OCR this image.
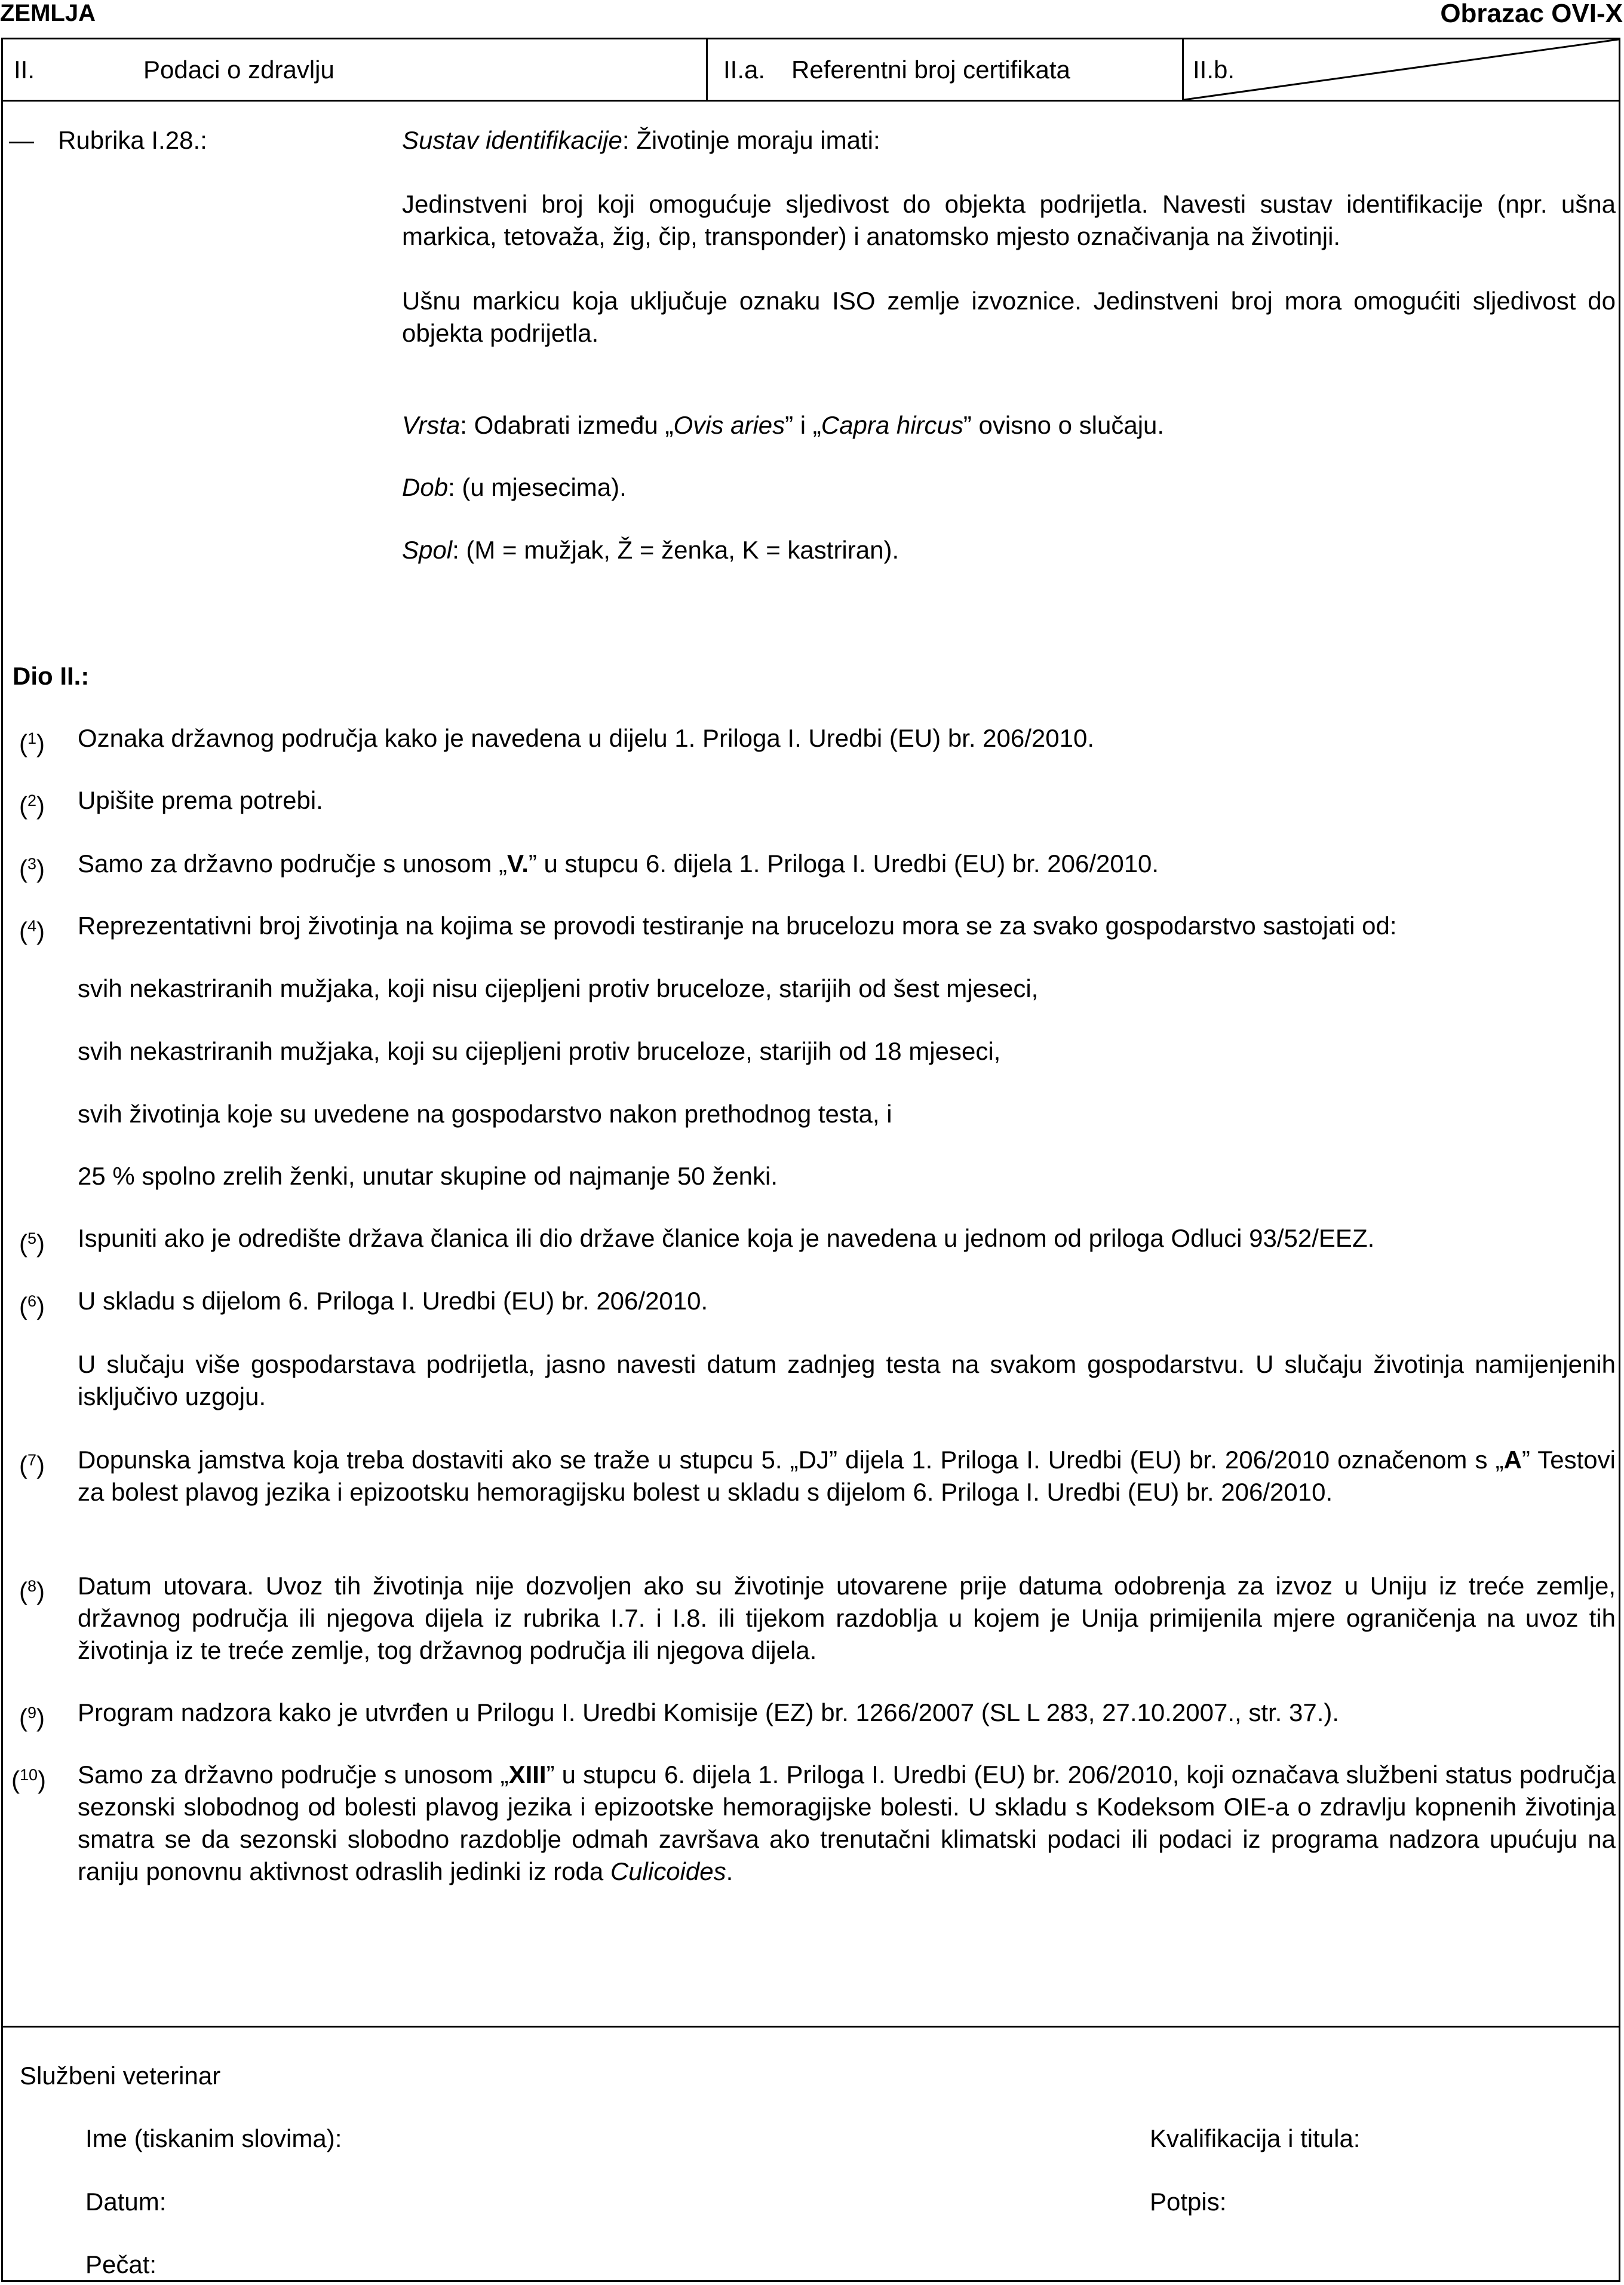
ZEMLJA	Obrazac OVI-X
II.	Podaci o zdravlju	II.a. Referentni broj certifikata	II.b.
— Rubrika I.28.:	Sustav identifikacije: Životinje moraju imati:
Jedinstveni broj koji omogućuje sljedivost do objekta podrijetla. Navesti sustav identifikacije (npr. ušna markica, tetovaža, žig, čip, transponder) i anatomsko mjesto označivanja na životinji.
Ušnu markicu koja uključuje oznaku ISO zemlje izvoznice. Jedinstveni broj mora omogućiti sljedivost do objekta podrijetla.
Vrsta: Odabrati između „Ovis aries” i „Capra hircus” ovisno o slučaju.
Dob: (u mjesecima).
Spol: (M = mužjak, Ž = ženka, K = kastriran).
Dio II.:
($^1$) Oznaka državnog područja kako je navedena u dijelu 1. Priloga I. Uredbi (EU) br. 206/2010.
($^2$) Upišite prema potrebi.
($^3$) Samo za državno područje s unosom „V.” u stupcu 6. dijela 1. Priloga I. Uredbi (EU) br. 206/2010.
($^4$) Reprezentativni broj životinja na kojima se provodi testiranje na brucelozu mora se za svako gospodarstvo sastojati od:
svih nekastriranih mužjaka, koji nisu cijepljeni protiv bruceloze, starijih od šest mjeseci,
svih nekastriranih mužjaka, koji su cijepljeni protiv bruceloze, starijih od 18 mjeseci,
svih životinja koje su uvedene na gospodarstvo nakon prethodnog testa, i
25 % spolno zrelih ženki, unutar skupine od najmanje 50 ženki.
($^5$) Ispuniti ako je odredište država članica ili dio države članice koja je navedena u jednom od priloga Odluci 93/52/EEZ.
($^6$) U skladu s dijelom 6. Priloga I. Uredbi (EU) br. 206/2010.
U slučaju više gospodarstava podrijetla, jasno navesti datum zadnjeg testa na svakom gospodarstvu. U slučaju životinja namijenjenih isključivo uzgoju.
($^7$) Dopunska jamstva koja treba dostaviti ako se traže u stupcu 5. „DJ” dijela 1. Priloga I. Uredbi (EU) br. 206/2010 označenom s „A” Testovi za bolest plavog jezika i epizootsku hemoragijsku bolest u skladu s dijelom 6. Priloga I. Uredbi (EU) br. 206/2010.
($^8$) Datum utovara. Uvoz tih životinja nije dozvoljen ako su životinje utovarene prije datuma odobrenja za izvoz u Uniju iz treće zemlje, državnog područja ili njegova dijela iz rubrika I.7. i I.8. ili tijekom razdoblja u kojem je Unija primijenila mjere ograničenja na uvoz tih životinja iz te treće zemlje, tog državnog područja ili njegova dijela.
($^9$) Program nadzora kako je utvrđen u Prilogu I. Uredbi Komisije (EZ) br. 1266/2007 (SL L 283, 27.10.2007., str. 37.).
($^{10}$) Samo za državno područje s unosom „XIII” u stupcu 6. dijela 1. Priloga I. Uredbi (EU) br. 206/2010, koji označava službeni status područja sezonski slobodnog od bolesti plavog jezika i epizootske hemoragijske bolesti. U skladu s Kodeksom OIE-a o zdravlju kopnenih životinja smatra se da sezonski slobodno razdoblje odmah završava ako trenutačni klimatski podaci ili podaci iz programa nadzora upućuju na raniju ponovnu aktivnost odraslih jedinki iz roda Culicoides.
Službeni veterinar
Ime (tiskanim slovima):	Kvalifikacija i titula:
Datum:	Potpis:
Pečat:
